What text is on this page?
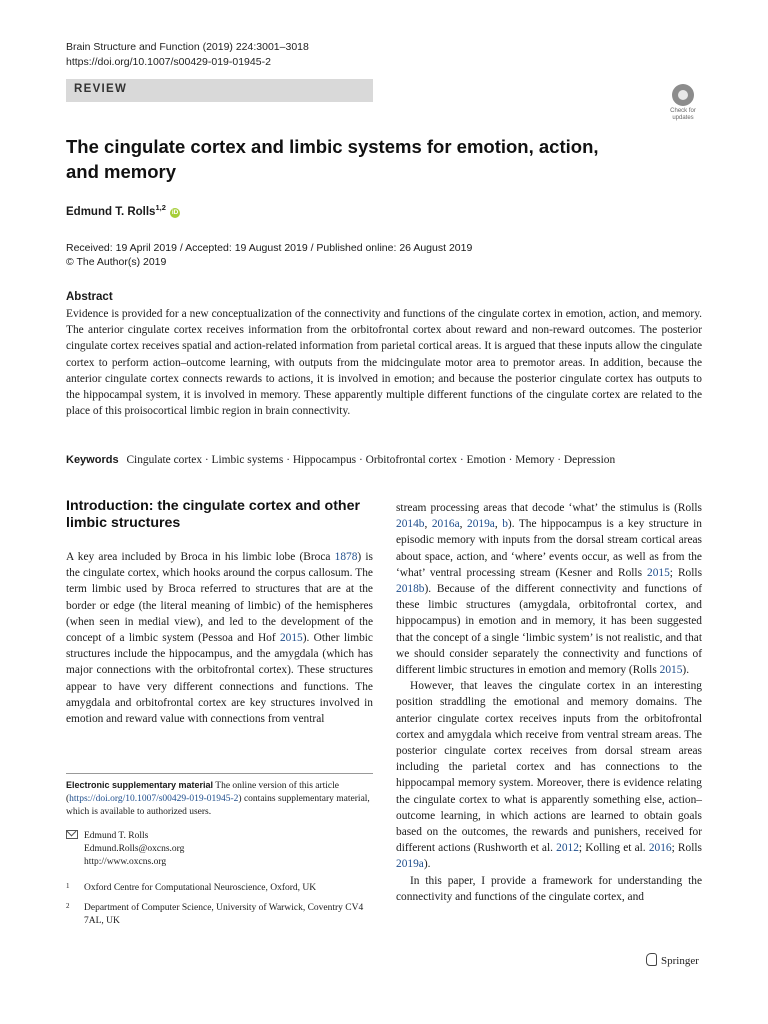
Brain Structure and Function (2019) 224:3001–3018
https://doi.org/10.1007/s00429-019-01945-2
REVIEW
Check for
updates
The cingulate cortex and limbic systems for emotion, action, and memory
Edmund T. Rolls$^{1,2}$ iD
Received: 19 April 2019 / Accepted: 19 August 2019 / Published online: 26 August 2019
© The Author(s) 2019
Abstract
Evidence is provided for a new conceptualization of the connectivity and functions of the cingulate cortex in emotion, action, and memory. The anterior cingulate cortex receives information from the orbitofrontal cortex about reward and non-reward outcomes. The posterior cingulate cortex receives spatial and action-related information from parietal cortical areas. It is argued that these inputs allow the cingulate cortex to perform action–outcome learning, with outputs from the midcingulate motor area to premotor areas. In addition, because the anterior cingulate cortex connects rewards to actions, it is involved in emotion; and because the posterior cingulate cortex has outputs to the hippocampal system, it is involved in memory. These apparently multiple different functions of the cingulate cortex are related to the place of this proisocortical limbic region in brain connectivity.
Keywords Cingulate cortex · Limbic systems · Hippocampus · Orbitofrontal cortex · Emotion · Memory · Depression
Introduction: the cingulate cortex and other limbic structures

A key area included by Broca in his limbic lobe (Broca 1878) is the cingulate cortex, which hooks around the corpus callosum. The term limbic used by Broca referred to structures that are at the border or edge (the literal meaning of limbic) of the hemispheres (when seen in medial view), and led to the development of the concept of a limbic system (Pessoa and Hof 2015). Other limbic structures include the hippocampus, and the amygdala (which has major connections with the orbitofrontal cortex). These structures appear to have very different connections and functions. The amygdala and orbitofrontal cortex are key structures involved in emotion and reward value with connections from ventral

Electronic supplementary material The online version of this article (https://doi.org/10.1007/s00429-019-01945-2) contains supplementary material, which is available to authorized users.
Edmund T. Rolls
Edmund.Rolls@oxcns.org
http://www.oxcns.org
1 Oxford Centre for Computational Neuroscience, Oxford, UK
2 Department of Computer Science, University of Warwick, Coventry CV4 7AL, UK

stream processing areas that decode ‘what’ the stimulus is (Rolls 2014b, 2016a, 2019a, b). The hippocampus is a key structure in episodic memory with inputs from the dorsal stream cortical areas about space, action, and ‘where’ events occur, as well as from the ‘what’ ventral processing stream (Kesner and Rolls 2015; Rolls 2018b). Because of the different connectivity and functions of these limbic structures (amygdala, orbitofrontal cortex, and hippocampus) in emotion and in memory, it has been suggested that the concept of a single ‘limbic system’ is not realistic, and that we should consider separately the connectivity and functions of different limbic structures in emotion and memory (Rolls 2015).

However, that leaves the cingulate cortex in an interesting position straddling the emotional and memory domains. The anterior cingulate cortex receives inputs from the orbitofrontal cortex and amygdala which receive from ventral stream areas. The posterior cingulate cortex receives from dorsal stream areas including the parietal cortex and has connections to the hippocampal memory system. Moreover, there is evidence relating the cingulate cortex to what is apparently something else, action–outcome learning, in which actions are learned to obtain goals based on the outcomes, the rewards and punishers, received for different actions (Rushworth et al. 2012; Kolling et al. 2016; Rolls 2019a).

In this paper, I provide a framework for understanding the connectivity and functions of the cingulate cortex, and

Springer
